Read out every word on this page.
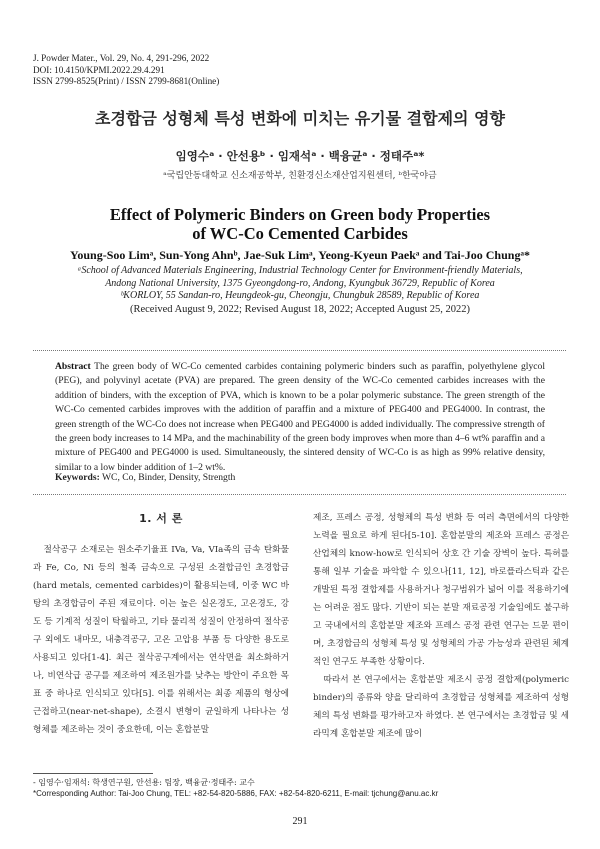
J. Powder Mater., Vol. 29, No. 4, 291-296, 2022
DOI: 10.4150/KPMI.2022.29.4.291
ISSN 2799-8525(Print) / ISSN 2799-8681(Online)
초경합금 성형체 특성 변화에 미치는 유기물 결합제의 영향
임영수ᵃ · 안선용ᵇ · 임재석ᵃ · 백융균ᵃ · 정태주ᵃ*
ᵃ국립안동대학교 신소재공학부, 친환경신소재산업지원센터, ᵇ한국야금
Effect of Polymeric Binders on Green body Properties
of WC-Co Cemented Carbides
Young-Soo Limᵃ, Sun-Yong Ahnᵇ, Jae-Suk Limᵃ, Yeong-Kyeun Paekᵃ and Tai-Joo Chungᵃ*
ᵃSchool of Advanced Materials Engineering, Industrial Technology Center for Environment-friendly Materials,
Andong National University, 1375 Gyeongdong-ro, Andong, Kyungbuk 36729, Republic of Korea
ᵇKORLOY, 55 Sandan-ro, Heungdeok-gu, Cheongju, Chungbuk 28589, Republic of Korea
(Received August 9, 2022; Revised August 18, 2022; Accepted August 25, 2022)
Abstract The green body of WC-Co cemented carbides containing polymeric binders such as paraffin, polyethylene glycol (PEG), and polyvinyl acetate (PVA) are prepared. The green density of the WC-Co cemented carbides increases with the addition of binders, with the exception of PVA, which is known to be a polar polymeric substance. The green strength of the WC-Co cemented carbides improves with the addition of paraffin and a mixture of PEG400 and PEG4000. In contrast, the green strength of the WC-Co does not increase when PEG400 and PEG4000 is added individually. The compressive strength of the green body increases to 14 MPa, and the machinability of the green body improves when more than 4–6 wt% paraffin and a mixture of PEG400 and PEG4000 is used. Simultaneously, the sintered density of WC-Co is as high as 99% relative density, similar to a low binder addition of 1–2 wt%.
Keywords: WC, Co, Binder, Density, Strength
1. 서 론

절삭공구 소재로는 원소주기율표 IVa, Va, VIa족의 금속 탄화물과 Fe, Co, Ni 등의 철족 금속으로 구성된 소결합금인 초경합금(hard metals, cemented carbides)이 활용되는데, 이중 WC 바탕의 초경합금이 주된 재료이다. 이는 높은 실온경도, 고온경도, 강도 등 기계적 성질이 탁월하고, 기타 물리적 성질이 안정하여 절삭공구 외에도 내마모, 내충격공구, 고온 고압용 부품 등 다양한 용도로 사용되고 있다[1-4]. 최근 절삭공구계에서는 연삭면을 최소화하거나, 비연삭급 공구를 제조하여 제조원가를 낮추는 방안이 주요한 목표 중 하나로 인식되고 있다[5]. 이를 위해서는 최종 제품의 형상에 근접하고(near-net-shape), 소결시 변형이 균일하게 나타나는 성형체를 제조하는 것이 중요한데, 이는 혼합분말

제조, 프레스 공정, 성형체의 특성 변화 등 여러 측면에서의 다양한 노력을 필요로 하게 된다[5-10]. 혼합분말의 제조와 프레스 공정은 산업체의 know-how로 인식되어 상호 간 기술 장벽이 높다. 특허를 통해 일부 기술을 파악할 수 있으나[11, 12], 바로플라스틱과 같은 개발된 특정 결합제를 사용하거나 청구범위가 넓어 이를 적용하기에는 어려운 점도 많다. 기반이 되는 분말 재료공정 기술임에도 불구하고 국내에서의 혼합분말 제조와 프레스 공정 관련 연구는 드문 편이며, 초경합금의 성형체 특성 및 성형체의 가공 가능성과 관련된 체계적인 연구도 부족한 상황이다.

따라서 본 연구에서는 혼합분말 제조시 공정 결합제(polymeric binder)의 종류와 양을 달리하여 초경합금 성형체를 제조하여 성형체의 특성 변화를 평가하고자 하였다. 본 연구에서는 초경합금 및 세라믹계 혼합분말 제조에 많이

- 임영수·임재석: 학생연구원, 안선용: 팀장, 백융균·정태주: 교수
*Corresponding Author: Tai-Joo Chung, TEL: +82-54-820-5886, FAX: +82-54-820-6211, E-mail: tjchung@anu.ac.kr
291
